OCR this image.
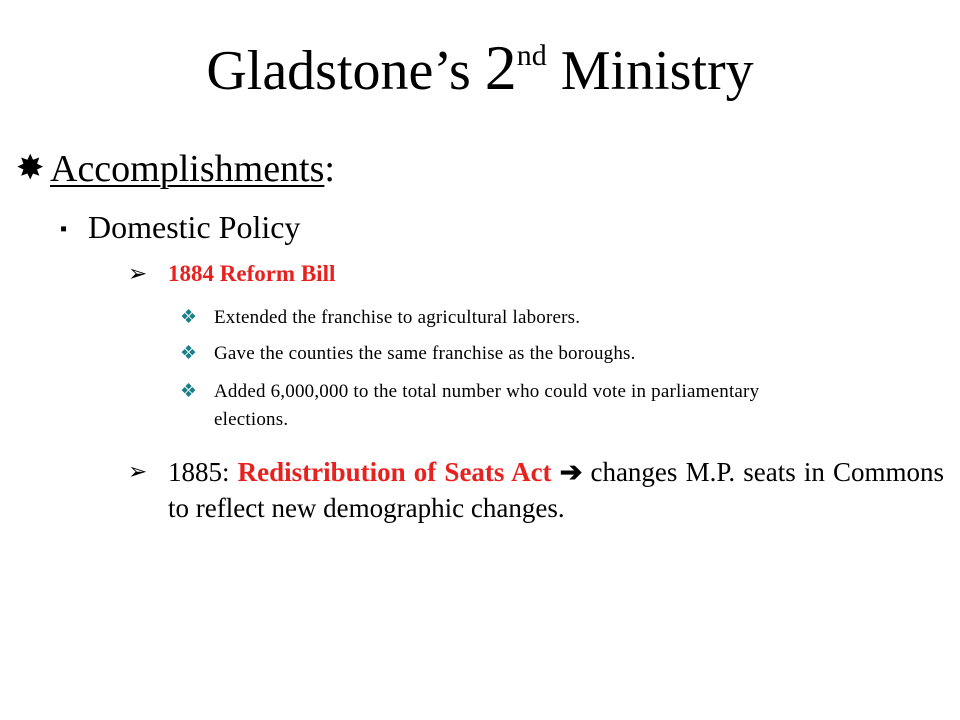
Gladstone’s 2nd Ministry
✸ Accomplishments:
▪ Domestic Policy
➢ 1884 Reform Bill
❖ Extended the franchise to agricultural laborers.
❖ Gave the counties the same franchise as the boroughs.
❖ Added 6,000,000 to the total number who could vote in parliamentary elections.
➢ 1885: Redistribution of Seats Act ➔ changes M.P. seats in Commons to reflect new demographic changes.
